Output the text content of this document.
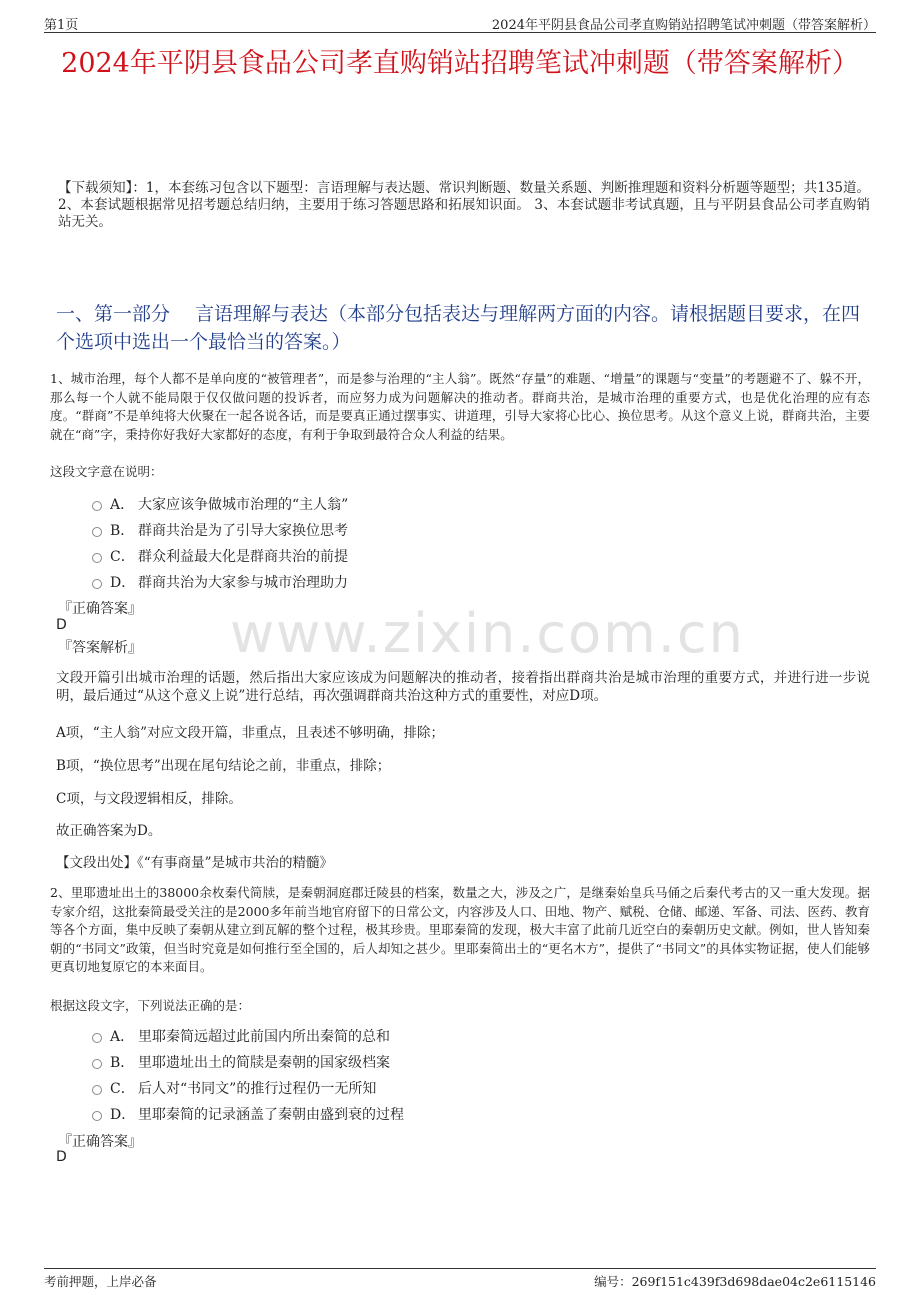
第1页	2024年平阴县食品公司孝直购销站招聘笔试冲刺题（带答案解析）
2024年平阴县食品公司孝直购销站招聘笔试冲刺题（带答案解析）
【下载须知】：1，本套练习包含以下题型：言语理解与表达题、常识判断题、数量关系题、判断推理题和资料分析题等题型；共135道。 2、本套试题根据常见招考题总结归纳，主要用于练习答题思路和拓展知识面。 3、本套试题非考试真题，且与平阴县食品公司孝直购销站无关。
一、第一部分　 言语理解与表达（本部分包括表达与理解两方面的内容。请根据题目要求，在四个选项中选出一个最恰当的答案。）
1、城市治理，每个人都不是单向度的“被管理者”，而是参与治理的“主人翁”。既然“存量”的难题、“增量”的课题与“变量”的考题避不了、躲不开，那么每一个人就不能局限于仅仅做问题的投诉者，而应努力成为问题解决的推动者。群商共治，是城市治理的重要方式，也是优化治理的应有态度。“群商”不是单纯将大伙聚在一起各说各话，而是要真正通过摆事实、讲道理，引导大家将心比心、换位思考。从这个意义上说，群商共治，主要就在“商”字，秉持你好我好大家都好的态度，有利于争取到最符合众人利益的结果。
这段文字意在说明：
A． 大家应该争做城市治理的“主人翁”
B． 群商共治是为了引导大家换位思考
C． 群众利益最大化是群商共治的前提
D． 群商共治为大家参与城市治理助力
『正确答案』
D
『答案解析』
文段开篇引出城市治理的话题，然后指出大家应该成为问题解决的推动者，接着指出群商共治是城市治理的重要方式，并进行进一步说明，最后通过“从这个意义上说”进行总结，再次强调群商共治这种方式的重要性，对应D项。
A项，“主人翁”对应文段开篇，非重点，且表述不够明确，排除；
B项，“换位思考”出现在尾句结论之前，非重点，排除；
C项，与文段逻辑相反，排除。
故正确答案为D。
【文段出处】《“有事商量”是城市共治的精髓》
2、里耶遗址出土的38000余枚秦代简牍，是秦朝洞庭郡迁陵县的档案，数量之大，涉及之广，是继秦始皇兵马俑之后秦代考古的又一重大发现。据专家介绍，这批秦简最受关注的是2000多年前当地官府留下的日常公文，内容涉及人口、田地、物产、赋税、仓储、邮递、军备、司法、医药、教育等各个方面，集中反映了秦朝从建立到瓦解的整个过程，极其珍贵。里耶秦简的发现，极大丰富了此前几近空白的秦朝历史文献。例如，世人皆知秦朝的“书同文”政策，但当时究竟是如何推行至全国的，后人却知之甚少。里耶秦简出土的“更名木方”，提供了“书同文”的具体实物证据，使人们能够更真切地复原它的本来面目。
根据这段文字，下列说法正确的是：
A． 里耶秦简远超过此前国内所出秦简的总和
B． 里耶遗址出土的简牍是秦朝的国家级档案
C． 后人对“书同文”的推行过程仍一无所知
D． 里耶秦简的记录涵盖了秦朝由盛到衰的过程
『正确答案』
D
www.zixin.com.cn
考前押题，上岸必备	编号：269f151c439f3d698dae04c2e6115146
